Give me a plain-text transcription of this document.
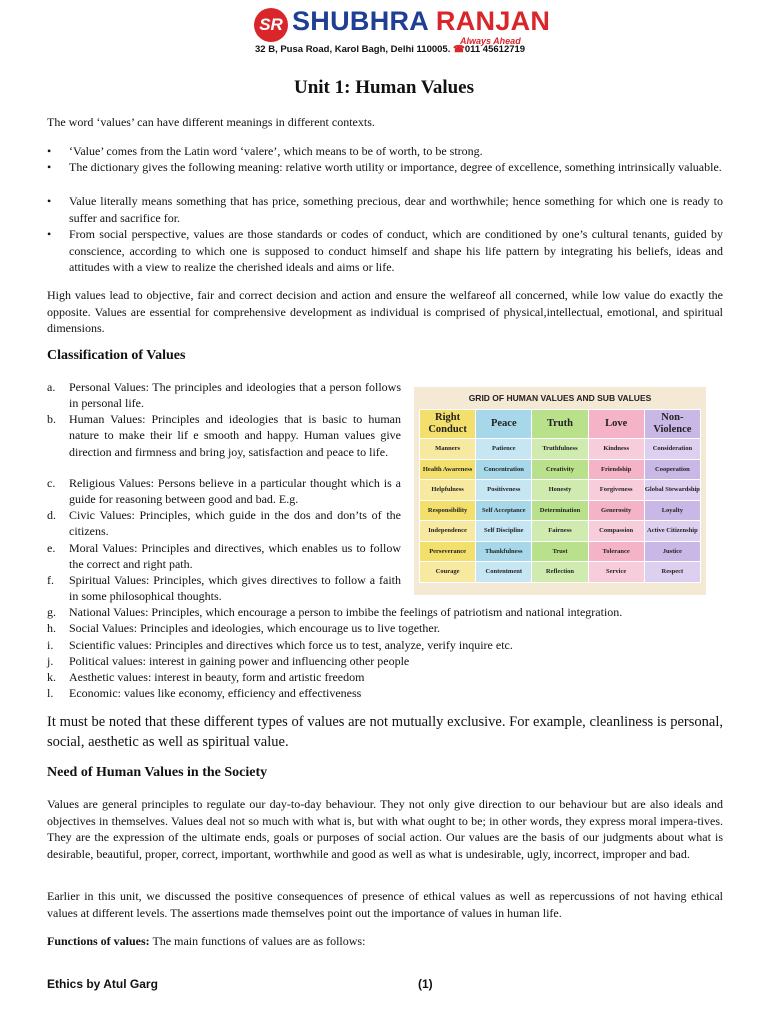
SR SHUBHRA RANJAN
Always Ahead
32 B, Pusa Road, Karol Bagh, Delhi 110005. ☎011 45612719
Unit 1: Human Values
The word ‘values’ can have different meanings in different contexts.
• ‘Value’ comes from the Latin word ‘valere’, which means to be of worth, to be strong.
• The dictionary gives the following meaning: relative worth utility or importance, degree of excellence, something intrinsically valuable.
• Value literally means something that has price, something precious, dear and worthwhile; hence something for which one is ready to suffer and sacrifice for.
• From social perspective, values are those standards or codes of conduct, which are conditioned by one’s cultural tenants, guided by conscience, according to which one is supposed to conduct himself and shape his life pattern by integrating his beliefs, ideas and attitudes with a view to realize the cherished ideals and aims or life.
High values lead to objective, fair and correct decision and action and ensure the welfareof all concerned, while low value do exactly the opposite. Values are essential for comprehensive development as individual is comprised of physical,intellectual, emotional, and spiritual dimensions.
Classification of Values
a. Personal Values: The principles and ideologies that a person follows in personal life.
b. Human Values: Principles and ideologies that is basic to human nature to make their lif e smooth and happy. Human values give direction and firmness and bring joy, satisfaction and peace to life.
c. Religious Values: Persons believe in a particular thought which is a guide for reasoning between good and bad. E.g.
d. Civic Values: Principles, which guide in the dos and don’ts of the citizens.
e. Moral Values: Principles and directives, which enables us to follow the correct and right path.
f. Spiritual Values: Principles, which gives directives to follow a faith in some philosophical thoughts.
g. National Values: Principles, which encourage a person to imbibe the feelings of patriotism and national integration.
h. Social Values: Principles and ideologies, which encourage us to live together.
i. Scientific values: Principles and directives which force us to test, analyze, verify inquire etc.
j. Political values: interest in gaining power and influencing other people
k. Aesthetic values: interest in beauty, form and artistic freedom
l. Economic: values like economy, efficiency and effectiveness
GRID OF HUMAN VALUES AND SUB VALUES
Right Conduct	Peace	Truth	Love	Non-Violence
Manners	Patience	Truthfulness	Kindness	Consideration
Health Awareness	Concentration	Creativity	Friendship	Cooperation
Helpfulness	Positiveness	Honesty	Forgiveness	Global Stewardship
Responsibility	Self Acceptance	Determination	Generosity	Loyalty
Independence	Self Discipline	Fairness	Compassion	Active Citizenship
Perseverance	Thankfulness	Trust	Tolerance	Justice
Courage	Contentment	Reflection	Service	Respect
It must be noted that these different types of values are not mutually exclusive. For example, cleanliness is personal, social, aesthetic as well as spiritual value.
Need of Human Values in the Society
Values are general principles to regulate our day-to-day behaviour. They not only give direction to our behaviour but are also ideals and objectives in themselves. Values deal not so much with what is, but with what ought to be; in other words, they express moral impera-tives. They are the expression of the ultimate ends, goals or purposes of social action. Our values are the basis of our judgments about what is desirable, beautiful, proper, correct, important, worthwhile and good as well as what is undesirable, ugly, incorrect, improper and bad.
Earlier in this unit, we discussed the positive consequences of presence of ethical values as well as repercussions of not having ethical values at different levels. The assertions made themselves point out the importance of values in human life.
Functions of values: The main functions of values are as follows:
Ethics by Atul Garg	(1)
